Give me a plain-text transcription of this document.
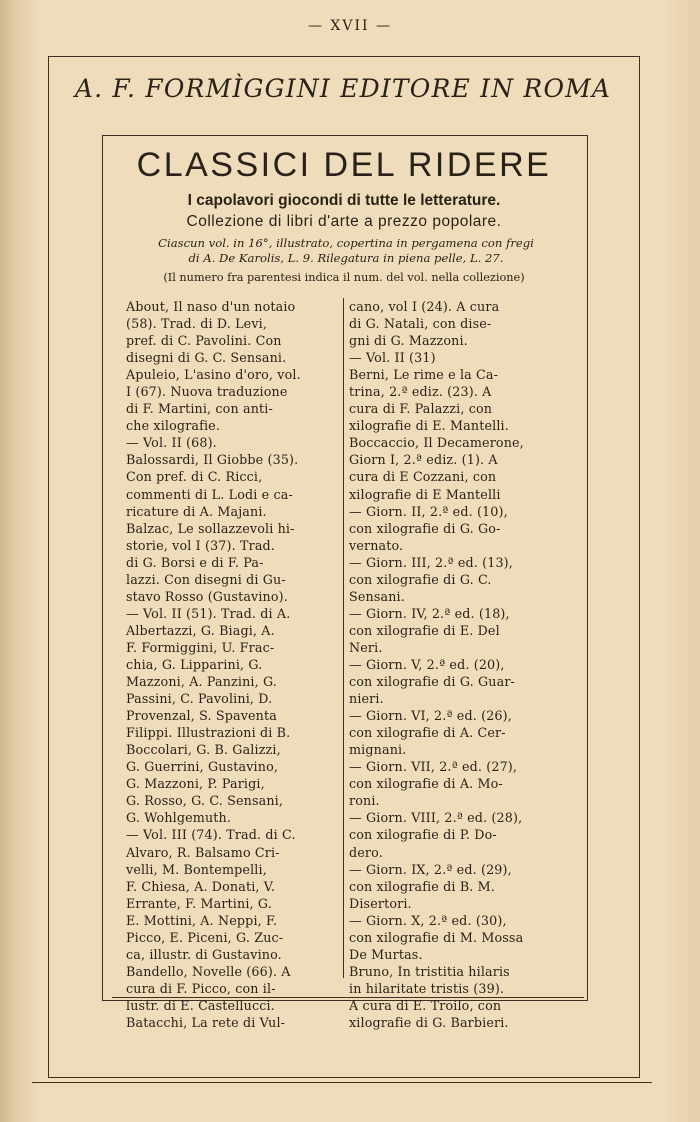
— XVII —
A. F. FORMÌGGINI EDITORE IN ROMA
CLASSICI DEL RIDERE
I capolavori giocondi di tutte le letterature.
Collezione di libri d'arte a prezzo popolare.
Ciascun vol. in 16°, illustrato, copertina in pergamena con fregi
di A. De Karolis, L. 9. Rilegatura in piena pelle, L. 27.
(Il numero fra parentesi indica il num. del vol. nella collezione)
About, Il naso d'un notaio
(58). Trad. di D. Levi,
pref. di C. Pavolini. Con
disegni di G. C. Sensani.
Apuleio, L'asino d'oro, vol.
I (67). Nuova traduzione
di F. Martini, con anti-
che xilografie.
— Vol. II (68).
Balossardi, Il Giobbe (35).
Con pref. di C. Ricci,
commenti di L. Lodi e ca-
ricature di A. Majani.
Balzac, Le sollazzevoli hi-
storie, vol I (37). Trad.
di G. Borsi e di F. Pa-
lazzi. Con disegni di Gu-
stavo Rosso (Gustavino).
— Vol. II (51). Trad. di A.
Albertazzi, G. Biagi, A.
F. Formiggini, U. Frac-
chia, G. Lipparini, G.
Mazzoni, A. Panzini, G.
Passini, C. Pavolini, D.
Provenzal, S. Spaventa
Filippi. Illustrazioni di B.
Boccolari, G. B. Galizzi,
G. Guerrini, Gustavino,
G. Mazzoni, P. Parigi,
G. Rosso, G. C. Sensani,
G. Wohlgemuth.
— Vol. III (74). Trad. di C.
Alvaro, R. Balsamo Cri-
velli, M. Bontempelli,
F. Chiesa, A. Donati, V.
Errante, F. Martini, G.
E. Mottini, A. Neppi, F.
Picco, E. Piceni, G. Zuc-
ca, illustr. di Gustavino.
Bandello, Novelle (66). A
cura di F. Picco, con il-
lustr. di E. Castellucci.
Batacchi, La rete di Vul-
cano, vol I (24). A cura
di G. Natali, con dise-
gni di G. Mazzoni.
— Vol. II (31)
Berni, Le rime e la Ca-
trina, 2.ª ediz. (23). A
cura di F. Palazzi, con
xilografie di E. Mantelli.
Boccaccio, Il Decamerone,
Giorn I, 2.ª ediz. (1). A
cura di E Cozzani, con
xilografie di E Mantelli
— Giorn. II, 2.ª ed. (10),
con xilografie di G. Go-
vernato.
— Giorn. III, 2.ª ed. (13),
con xilografie di G. C.
Sensani.
— Giorn. IV, 2.ª ed. (18),
con xilografie di E. Del
Neri.
— Giorn. V, 2.ª ed. (20),
con xilografie di G. Guar-
nieri.
— Giorn. VI, 2.ª ed. (26),
con xilografie di A. Cer-
mignani.
— Giorn. VII, 2.ª ed. (27),
con xilografie di A. Mo-
roni.
— Giorn. VIII, 2.ª ed. (28),
con xilografie di P. Do-
dero.
— Giorn. IX, 2.ª ed. (29),
con xilografie di B. M.
Disertori.
— Giorn. X, 2.ª ed. (30),
con xilografie di M. Mossa
De Murtas.
Bruno, In tristitia hilaris
in hilaritate tristis (39).
A cura di E. Troilo, con
xilografie di G. Barbieri.
